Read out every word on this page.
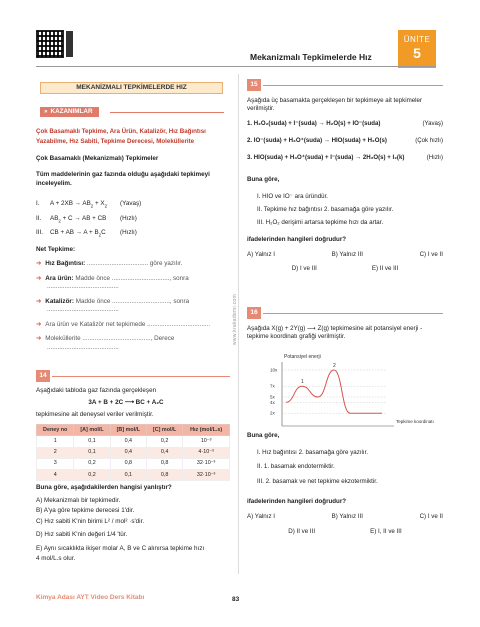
Mekanizmalı Tepkimelerde Hız
ÜNİTE
5
www.krakademi.com
MEKANİZMALI TEPKİMELERDE HIZ
» KAZANIMLAR
Çok Basamaklı Tepkime, Ara Ürün, Katalizör, Hız Bağıntısı Yazabilme, Hız Sabiti, Tepkime Derecesi, Moleküllerite
Çok Basamaklı (Mekanizmalı) Tepkimeler
Tüm maddelerinin gaz fazında olduğu aşağıdaki tepkimeyi inceleyelim.
I.	$A + 2XB \to AB_2 + X_2$	(Yavaş)
II.	$AB_2 + C$ → AB + CB	(Hızlı)
III.	CB + AB → $A + B_2C$	(Hızlı)
Net Tepkime:
➜ Hız Bağıntısı: ................................... göre yazılır.
➜ Ara ürün: Madde önce ................................., sonra
.........................................
➜ Katalizör: Madde önce ................................., sonra
.........................................
➜ Ara ürün ve Katalizör net tepkimede ....................................
➜ Moleküllerite ......................................., Derece
.........................................
14
Aşağıdaki tabloda gaz fazında gerçekleşen
3A + B + 2C ⟶ BC + A₂C
tepkimesine ait deneysel veriler verilmiştir.
Deney no	[A] mol/L	[B] mol/L	[C] mol/L	Hız (mol/L.s)
1	0,1	0,4	0,2	10⁻³
2	0,1	0,4	0,4	4·10⁻³
3	0,2	0,8	0,8	32·10⁻³
4	0,2	0,1	0,8	32·10⁻³
Buna göre, aşağıdakilerden hangisi yanlıştır?
A) Mekanizmalı bir tepkimedir.
B) A'ya göre tepkime derecesi 1'dir.
C) Hız sabiti K'nin birimi L² / mol² ·s'dir.
D) Hız sabiti K'nin değeri 1/4 'tür.
E) Aynı sıcaklıkta ikişer molar A, B ve C alınırsa tepkime hızı
4 mol/L.s olur.
Kimya Adası AYT Video Ders Kitabı	83
15
Aşağıda üç basamakta gerçekleşen bir tepkimeye ait tepkimeler verilmiştir.
1. H₂O₂(suda) + I⁻(suda) → H₂O(s) + IO⁻(suda)	(Yavaş)
2. IO⁻(suda) + H₃O⁺(suda) → HIO(suda) + H₂O(s)	(Çok hızlı)
3. HIO(suda) + H₃O⁺(suda) + I⁻(suda) → 2H₂O(s) + I₂(k)	(Hızlı)
Buna göre,
I. HIO ve IO⁻ ara üründür.
II. Tepkime hız bağıntısı 2. basamağa göre yazılır.
III. H₂O₂ derişimi artarsa tepkime hızı da artar.
ifadelerinden hangileri doğrudur?
A) Yalnız I	B) Yalnız III	C) I ve II
D) I ve III	E) II ve III
16
Aşağıda X(g) + 2Y(g) ⟶ Z(g) tepkimesine ait potansiyel enerji - tepkime koordinatı grafiği verilmiştir.
Potansiyel enerji
2x
4x
5x
7x
10x
1
2
Tepkime koordinatı
Buna göre,
I. Hız bağıntısı 2. basamağa göre yazılır.
II. 1. basamak endotermiktir.
III. 2. basamak ve net tepkime ekzotermiktir.
ifadelerinden hangileri doğrudur?
A) Yalnız I	B) Yalnız III	C) I ve II
D) II ve III	E) I, II ve III
